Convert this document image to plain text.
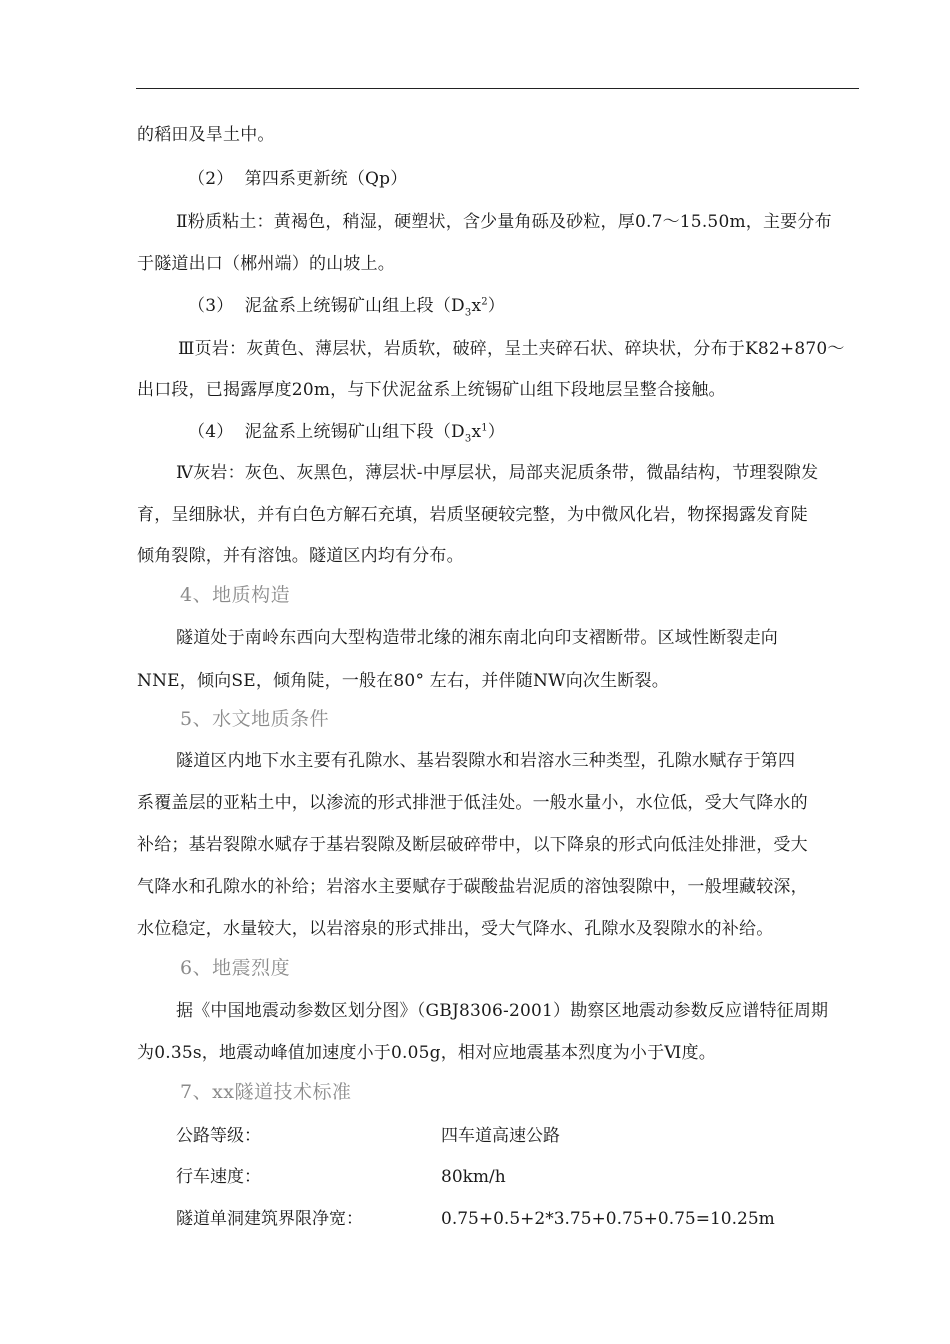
的稻田及旱土中。
（2） 第四系更新统（Qp）
Ⅱ粉质粘土：黄褐色，稍湿，硬塑状，含少量角砾及砂粒，厚0.7～15.50m，主要分布
于隧道出口（郴州端）的山坡上。
（3） 泥盆系上统锡矿山组上段$(D_3x^2)$
Ⅲ页岩：灰黄色、薄层状，岩质软，破碎，呈土夹碎石状、碎块状，分布于K82+870～
出口段，已揭露厚度20m，与下伏泥盆系上统锡矿山组下段地层呈整合接触。
（4） 泥盆系上统锡矿山组下段$(D_3x^1)$
Ⅳ灰岩：灰色、灰黑色，薄层状-中厚层状，局部夹泥质条带，微晶结构，节理裂隙发
育，呈细脉状，并有白色方解石充填，岩质坚硬较完整，为中微风化岩，物探揭露发育陡
倾角裂隙，并有溶蚀。隧道区内均有分布。
4、地质构造
隧道处于南岭东西向大型构造带北缘的湘东南北向印支褶断带。区域性断裂走向
NNE，倾向SE，倾角陡，一般在80° 左右，并伴随NW向次生断裂。
5、水文地质条件
隧道区内地下水主要有孔隙水、基岩裂隙水和岩溶水三种类型，孔隙水赋存于第四
系覆盖层的亚粘土中，以渗流的形式排泄于低洼处。一般水量小，水位低，受大气降水的
补给；基岩裂隙水赋存于基岩裂隙及断层破碎带中，以下降泉的形式向低洼处排泄，受大
气降水和孔隙水的补给；岩溶水主要赋存于碳酸盐岩泥质的溶蚀裂隙中，一般埋藏较深，
水位稳定，水量较大，以岩溶泉的形式排出，受大气降水、孔隙水及裂隙水的补给。
6、地震烈度
据《中国地震动参数区划分图》（GBJ8306-2001）勘察区地震动参数反应谱特征周期
为0.35s，地震动峰值加速度小于0.05g，相对应地震基本烈度为小于Ⅵ度。
7、xx隧道技术标准
公路等级：	四车道高速公路
行车速度：	80km/h
隧道单洞建筑界限净宽：	0.75+0.5+2*3.75+0.75+0.75=10.25m
